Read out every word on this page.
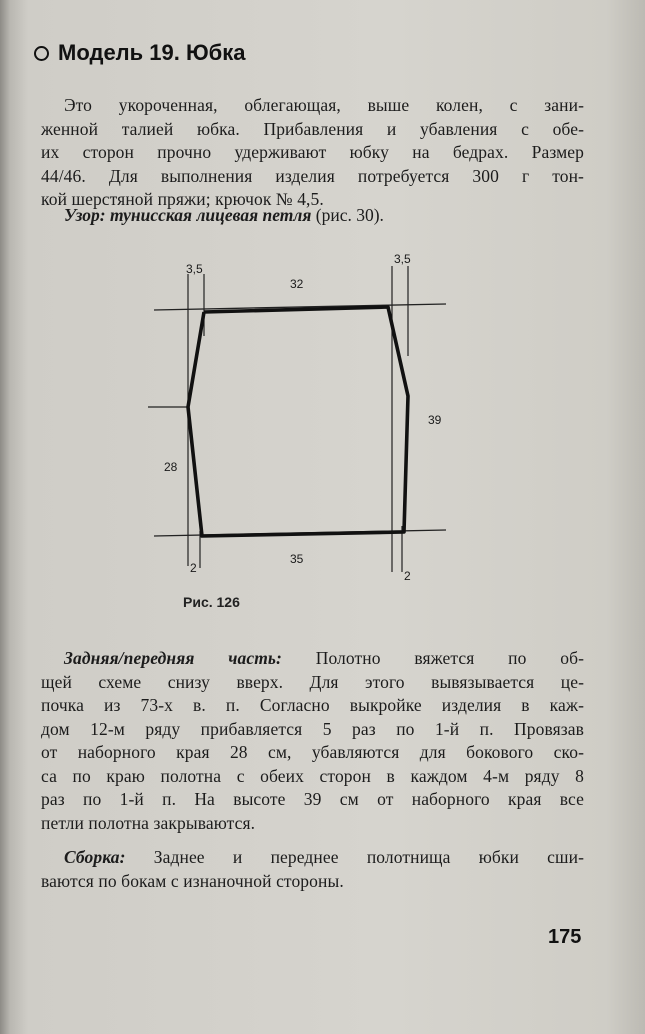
Модель 19. Юбка
Это укороченная, облегающая, выше колен, с зани-
женной талией юбка. Прибавления и убавления с обе-
их сторон прочно удерживают юбку на бедрах. Размер
44/46. Для выполнения изделия потребуется 300 г тон-
кой шерстяной пряжи; крючок № 4,5.
Узор: тунисская лицевая петля (рис. 30).
3,5
3,5
32
39
28
35
2
2
Рис. 126
Задняя/передняя часть: Полотно вяжется по об-
щей схеме снизу вверх. Для этого вывязывается це-
почка из 73-х в. п. Согласно выкройке изделия в каж-
дом 12-м ряду прибавляется 5 раз по 1-й п. Провязав
от наборного края 28 см, убавляются для бокового ско-
са по краю полотна с обеих сторон в каждом 4-м ряду 8
раз по 1-й п. На высоте 39 см от наборного края все
петли полотна закрываются.
Сборка: Заднее и переднее полотнища юбки сши-
ваются по бокам с изнаночной стороны.
175
